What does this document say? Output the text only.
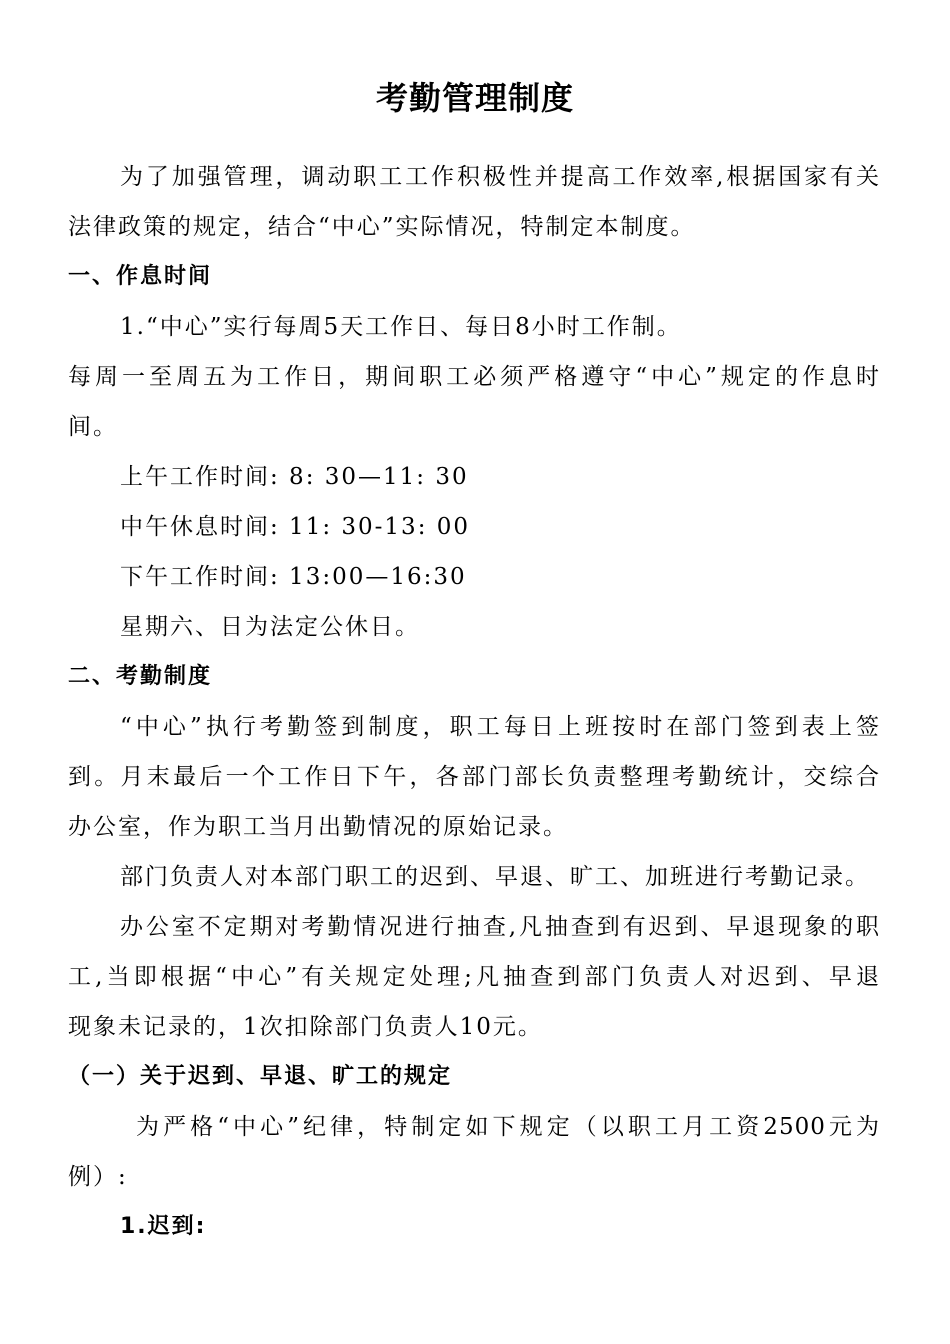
考勤管理制度
为了加强管理，调动职工工作积极性并提高工作效率,根据国家有关
法律政策的规定，结合“中心”实际情况，特制定本制度。
一、作息时间
1.“中心”实行每周5天工作日、每日8小时工作制。
每周一至周五为工作日，期间职工必须严格遵守“中心”规定的作息时
间。
上午工作时间: 8: 30—11: 30
中午休息时间: 11: 30-13: 00
下午工作时间: 13:00—16:30
星期六、日为法定公休日。
二、考勤制度
“中心”执行考勤签到制度，职工每日上班按时在部门签到表上签
到。月末最后一个工作日下午，各部门部长负责整理考勤统计，交综合
办公室，作为职工当月出勤情况的原始记录。
部门负责人对本部门职工的迟到、早退、旷工、加班进行考勤记录。
办公室不定期对考勤情况进行抽查,凡抽查到有迟到、早退现象的职
工,当即根据“中心”有关规定处理;凡抽查到部门负责人对迟到、早退
现象未记录的，1次扣除部门负责人10元。
（一）关于迟到、早退、旷工的规定
为严格“中心”纪律，特制定如下规定（以职工月工资2500元为
例）:
1.迟到:
